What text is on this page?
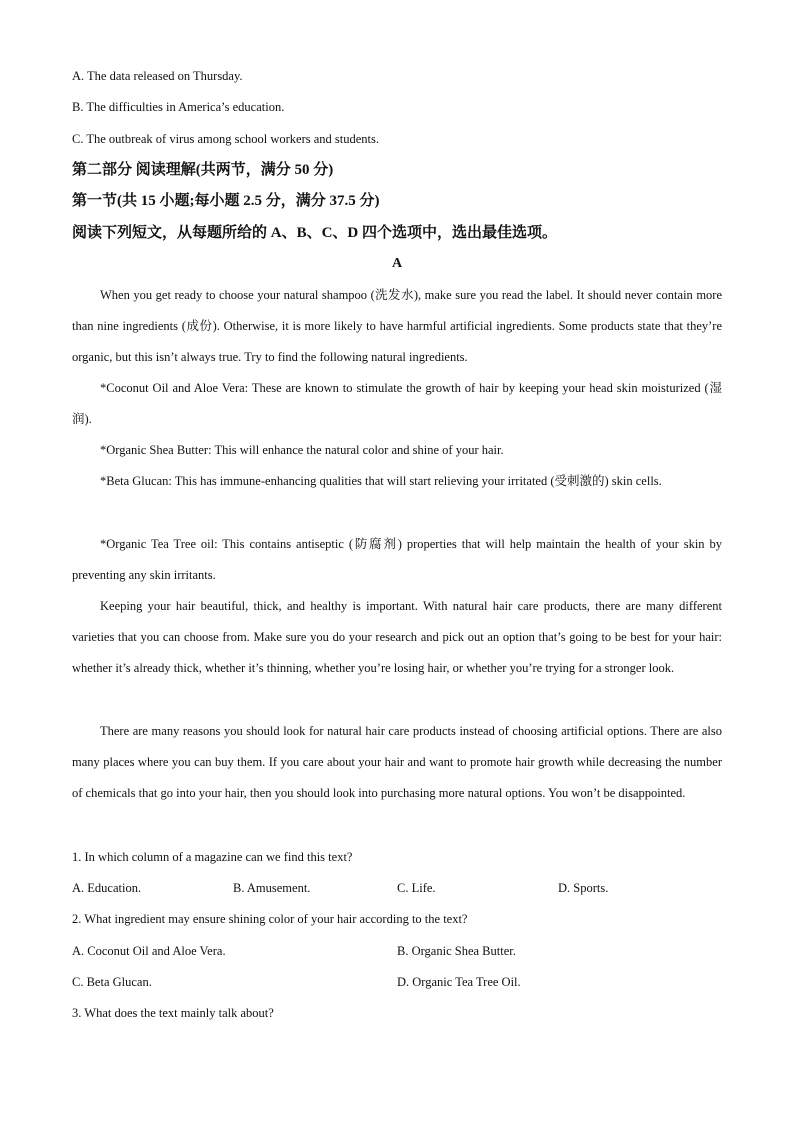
A. The data released on Thursday.
B. The difficulties in America’s education.
C. The outbreak of virus among school workers and students.
第二部分 阅读理解(共两节，满分 50 分)
第一节(共 15 小题;每小题 2.5 分，满分 37.5 分)
阅读下列短文，从每题所给的 A、B、C、D 四个选项中，选出最佳选项。
A
When you get ready to choose your natural shampoo (洗发水), make sure you read the label. It should never contain more than nine ingredients (成份). Otherwise, it is more likely to have harmful artificial ingredients. Some products state that they’re organic, but this isn’t always true. Try to find the following natural ingredients.
*Coconut Oil and Aloe Vera: These are known to stimulate the growth of hair by keeping your head skin moisturized (湿润).
*Organic Shea Butter: This will enhance the natural color and shine of your hair.
*Beta Glucan: This has immune-enhancing qualities that will start relieving your irritated (受刺激的) skin cells.
*Organic Tea Tree oil: This contains antiseptic (防腐剂) properties that will help maintain the health of your skin by preventing any skin irritants.
Keeping your hair beautiful, thick, and healthy is important. With natural hair care products, there are many different varieties that you can choose from. Make sure you do your research and pick out an option that’s going to be best for your hair: whether it’s already thick, whether it’s thinning, whether you’re losing hair, or whether you’re trying for a stronger look.
There are many reasons you should look for natural hair care products instead of choosing artificial options. There are also many places where you can buy them. If you care about your hair and want to promote hair growth while decreasing the number of chemicals that go into your hair, then you should look into purchasing more natural options. You won’t be disappointed.
1. In which column of a magazine can we find this text?
A. Education.	B. Amusement.	C. Life.	D. Sports.
2. What ingredient may ensure shining color of your hair according to the text?
A. Coconut Oil and Aloe Vera.	B. Organic Shea Butter.
C. Beta Glucan.	D. Organic Tea Tree Oil.
3. What does the text mainly talk about?
